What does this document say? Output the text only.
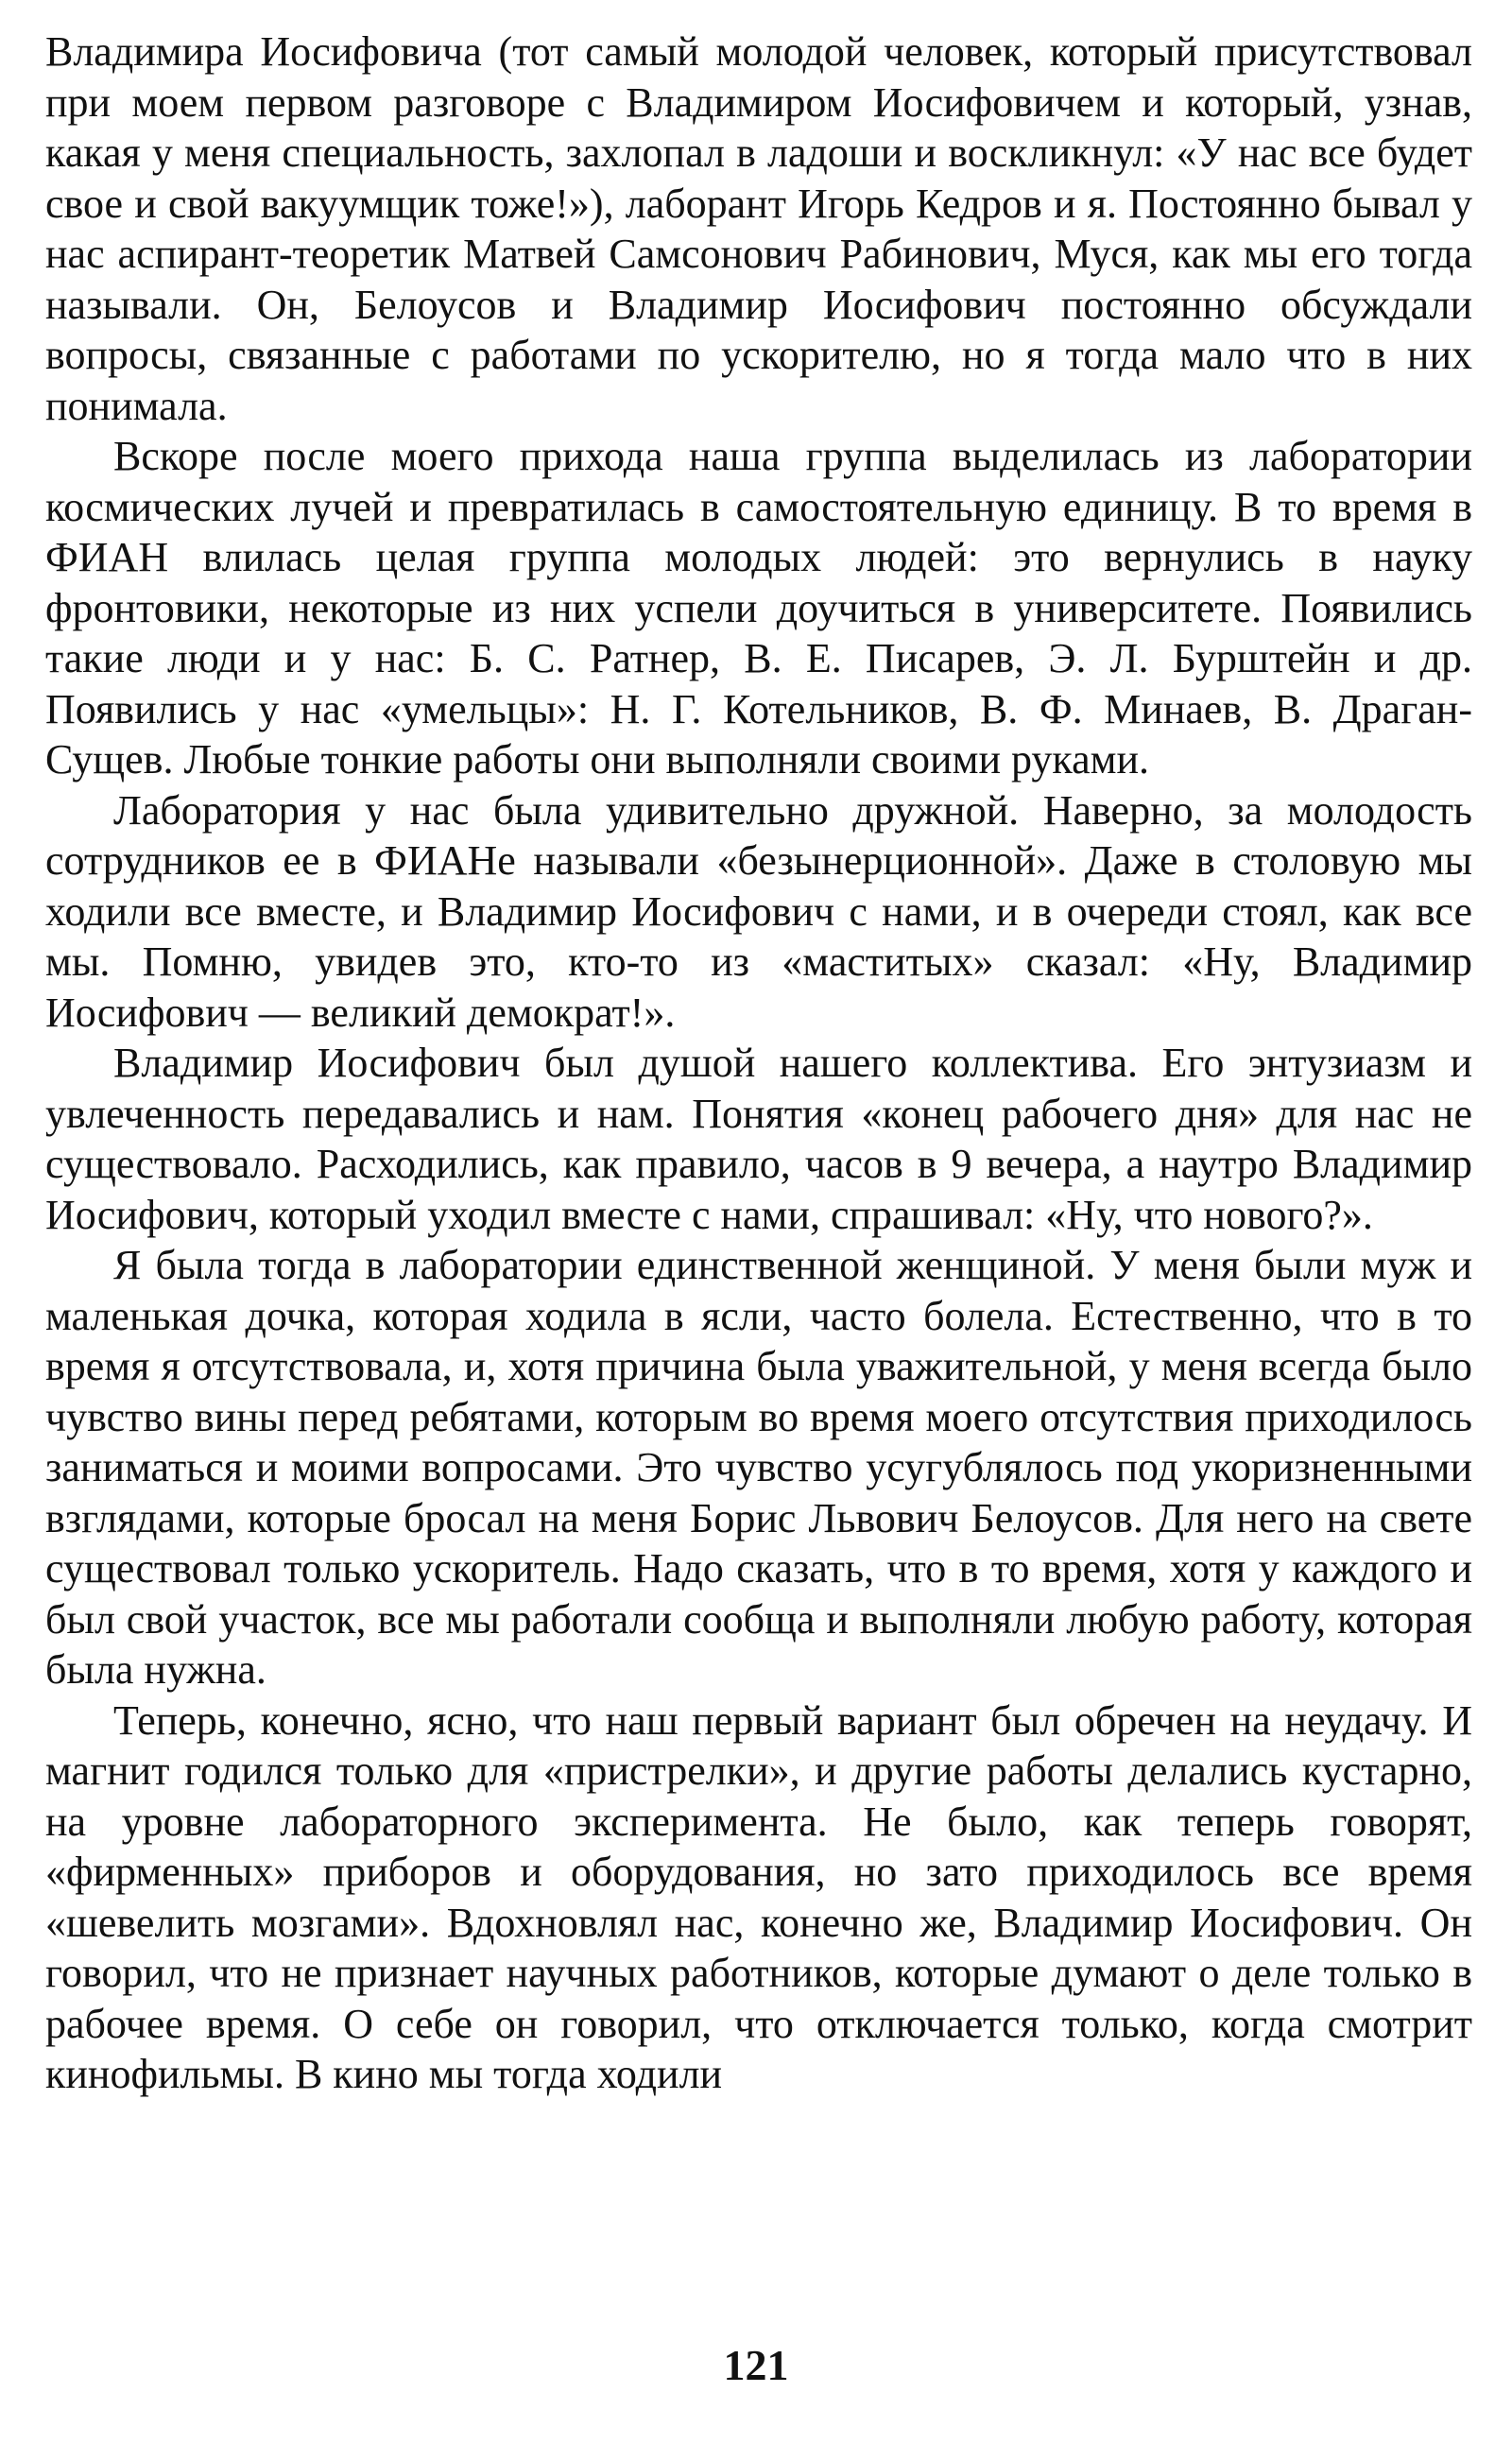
Владимира Иосифовича (тот самый молодой человек, который присутствовал при моем первом разговоре с Владимиром Иосифовичем и который, узнав, какая у меня специальность, захлопал в ладоши и воскликнул: «У нас все будет свое и свой вакуумщик тоже!»), лаборант Игорь Кедров и я. Постоянно бывал у нас аспирант-теоретик Матвей Самсонович Рабинович, Муся, как мы его тогда называли. Он, Белоусов и Владимир Иосифович постоянно обсуждали вопросы, связанные с работами по ускорителю, но я тогда мало что в них понимала.

Вскоре после моего прихода наша группа выделилась из лаборатории космических лучей и превратилась в самостоятельную единицу. В то время в ФИАН влилась целая группа молодых людей: это вернулись в науку фронтовики, некоторые из них успели доучиться в университете. Появились такие люди и у нас: Б. С. Ратнер, В. Е. Писарев, Э. Л. Бурштейн и др. Появились у нас «умельцы»: Н. Г. Котельников, В. Ф. Минаев, В. Драган-Сущев. Любые тонкие работы они выполняли своими руками.

Лаборатория у нас была удивительно дружной. Наверно, за молодость сотрудников ее в ФИАНе называли «безынерционной». Даже в столовую мы ходили все вместе, и Владимир Иосифович с нами, и в очереди стоял, как все мы. Помню, увидев это, кто-то из «маститых» сказал: «Ну, Владимир Иосифович — великий демократ!».

Владимир Иосифович был душой нашего коллектива. Его энтузиазм и увлеченность передавались и нам. Понятия «конец рабочего дня» для нас не существовало. Расходились, как правило, часов в 9 вечера, а наутро Владимир Иосифович, который уходил вместе с нами, спрашивал: «Ну, что нового?».

Я была тогда в лаборатории единственной женщиной. У меня были муж и маленькая дочка, которая ходила в ясли, часто болела. Естественно, что в то время я отсутствовала, и, хотя причина была уважительной, у меня всегда было чувство вины перед ребятами, которым во время моего отсутствия приходилось заниматься и моими вопросами. Это чувство усугублялось под укоризненными взглядами, которые бросал на меня Борис Львович Белоусов. Для него на свете существовал только ускоритель. Надо сказать, что в то время, хотя у каждого и был свой участок, все мы работали сообща и выполняли любую работу, которая была нужна.

Теперь, конечно, ясно, что наш первый вариант был обречен на неудачу. И магнит годился только для «пристрелки», и другие работы делались кустарно, на уровне лабораторного эксперимента. Не было, как теперь говорят, «фирменных» приборов и оборудования, но зато приходилось все время «шевелить мозгами». Вдохновлял нас, конечно же, Владимир Иосифович. Он говорил, что не признает научных работников, которые думают о деле только в рабочее время. О себе он говорил, что отключается только, когда смотрит кинофильмы. В кино мы тогда ходили

121
